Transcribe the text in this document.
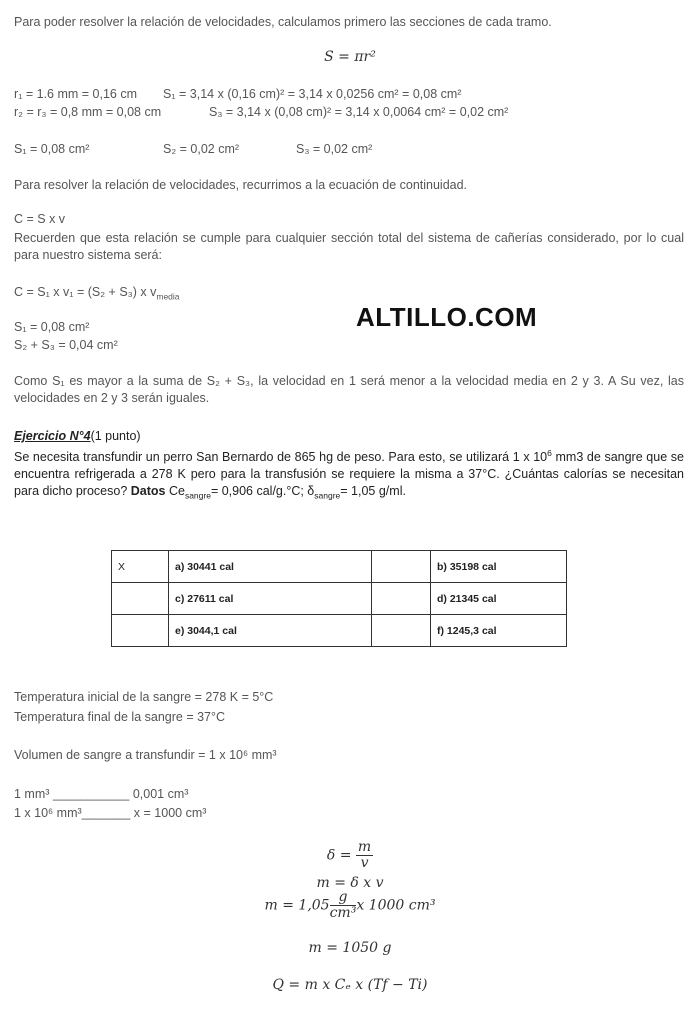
Para poder resolver la relación de velocidades, calculamos primero las secciones de cada tramo.
S = πr²
r₁ = 1.6 mm = 0,16 cm S₁ = 3,14 x (0,16 cm)² = 3,14 x 0,0256 cm² = 0,08 cm²
r₂ = r₃ = 0,8 mm = 0,08 cm	S₃ = 3,14 x (0,08 cm)² = 3,14 x 0,0064 cm² = 0,02 cm²
S₁ = 0,08 cm²	S₂ = 0,02 cm²	S₃ = 0,02 cm²
Para resolver la relación de velocidades, recurrimos a la ecuación de continuidad.
C = S x v
Recuerden que esta relación se cumple para cualquier sección total del sistema de cañerías considerado, por lo cual para nuestro sistema será:
C = S₁ x v₁ = (S₂ + S₃) x $v_{media}$
S₁ = 0,08 cm²
S₂ + S₃ = 0,04 cm²
ALTILLO.COM
Como S₁ es mayor a la suma de S₂ + S₃, la velocidad en 1 será menor a la velocidad media en 2 y 3. A Su vez, las velocidades en 2 y 3 serán iguales.
Ejercicio N°4(1 punto)
Se necesita transfundir un perro San Bernardo de 865 hg de peso. Para esto, se utilizará 1 x $10^6$ mm3 de sangre que se encuentra refrigerada a 278 K pero para la transfusión se requiere la misma a 37°C. ¿Cuántas calorías se necesitan para dicho proceso? Datos $Ce_{sangre}= 0,906$ cal/g.°C; $\delta_{sangre}= 1,05$ g/ml.
X	a) 30441 cal		b) 35198 cal
	c) 27611 cal		d) 21345 cal
	e) 3044,1 cal		f) 1245,3 cal
Temperatura inicial de la sangre = 278 K = 5°C
Temperatura final de la sangre = 37°C
Volumen de sangre a transfundir = 1 x 10⁶ mm³
1 mm³ ___________ 0,001 cm³
1 x 10⁶ mm³_______ x = 1000 cm³
$\delta = \frac{m}{v}$
m = δ x v
$m = 1,05 \frac{g}{\text{cm³}}$ x 1000 cm³
m = 1050 g
Q = m x Cₑ x (Tf − Ti)
